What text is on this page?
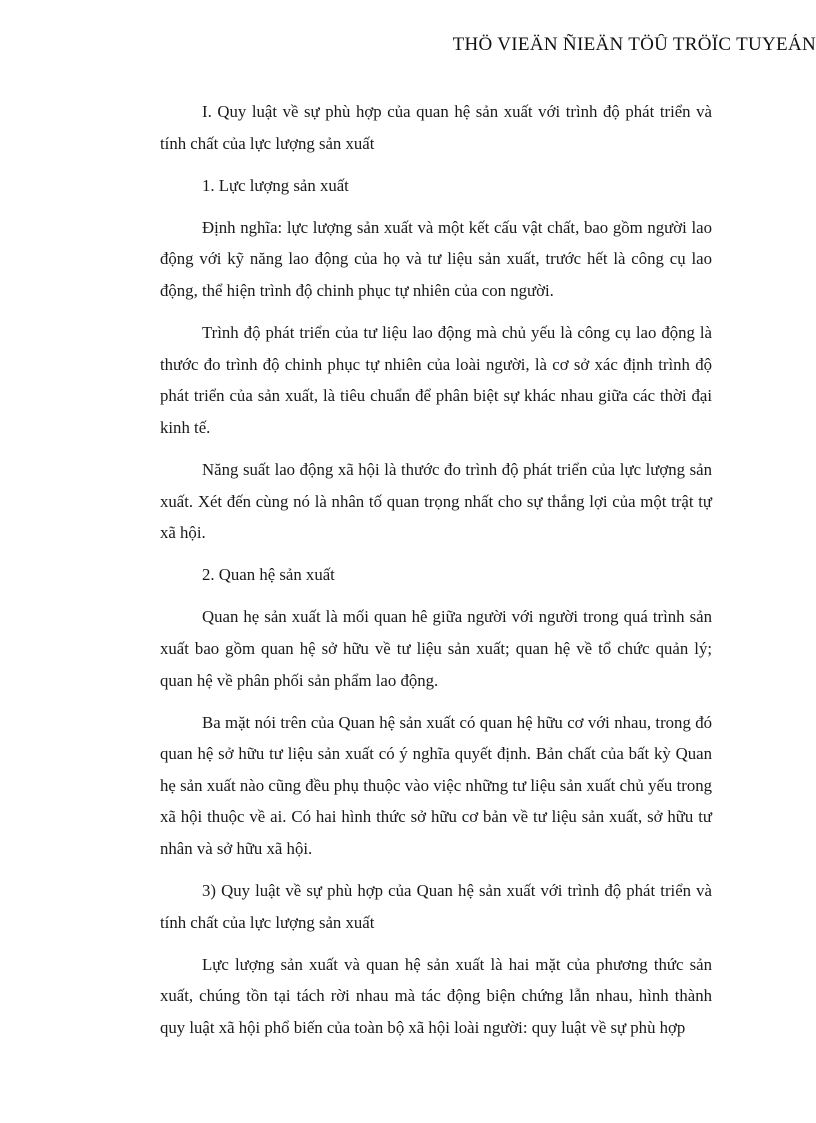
THÖ VIEÄN ÑIEÄN TÖÛ TRÖÏC TUYEÁN

I. Quy luật về sự phù hợp của quan hệ sản xuất với trình độ phát triển và tính chất của lực lượng sản xuất

1. Lực lượng sản xuất

Định nghĩa: lực lượng sản xuất và một kết cấu vật chất, bao gồm người lao động với kỹ năng lao động của họ và tư liệu sản xuất, trước hết là công cụ lao động, thể hiện trình độ chinh phục tự nhiên của con người.

Trình độ phát triển của tư liệu lao động mà chủ yếu là công cụ lao động là thước đo trình độ chinh phục tự nhiên của loài người, là cơ sở xác định trình độ phát triển của sản xuất, là tiêu chuẩn để phân biệt sự khác nhau giữa các thời đại kinh tế.

Năng suất lao động xã hội là thước đo trình độ phát triển của lực lượng sản xuất. Xét đến cùng nó là nhân tố quan trọng nhất cho sự thắng lợi của một trật tự xã hội.

2. Quan hệ sản xuất

Quan hẹ sản xuất là mối quan hê giữa người với người trong quá trình sản xuất bao gồm quan hệ sở hữu về tư liệu sản xuất; quan hệ về tổ chức quản lý; quan hệ về phân phối sản phẩm lao động.

Ba mặt nói trên của Quan hệ sản xuất có quan hệ hữu cơ với nhau, trong đó quan hệ sở hữu tư liệu sản xuất có ý nghĩa quyết định. Bản chất của bất kỳ Quan hẹ sản xuất nào cũng đều phụ thuộc vào việc những tư liệu sản xuất chủ yếu trong xã hội thuộc về ai. Có hai hình thức sở hữu cơ bản về tư liệu sản xuất, sở hữu tư nhân và sở hữu xã hội.

3) Quy luật về sự phù hợp của Quan hệ sản xuất với trình độ phát triển và tính chất của lực lượng sản xuất

Lực lượng sản xuất và quan hệ sản xuất là hai mặt của phương thức sản xuất, chúng tồn tại tách rời nhau mà tác động biện chứng lẫn nhau, hình thành quy luật xã hội phổ biến của toàn bộ xã hội loài người: quy luật về sự phù hợp
